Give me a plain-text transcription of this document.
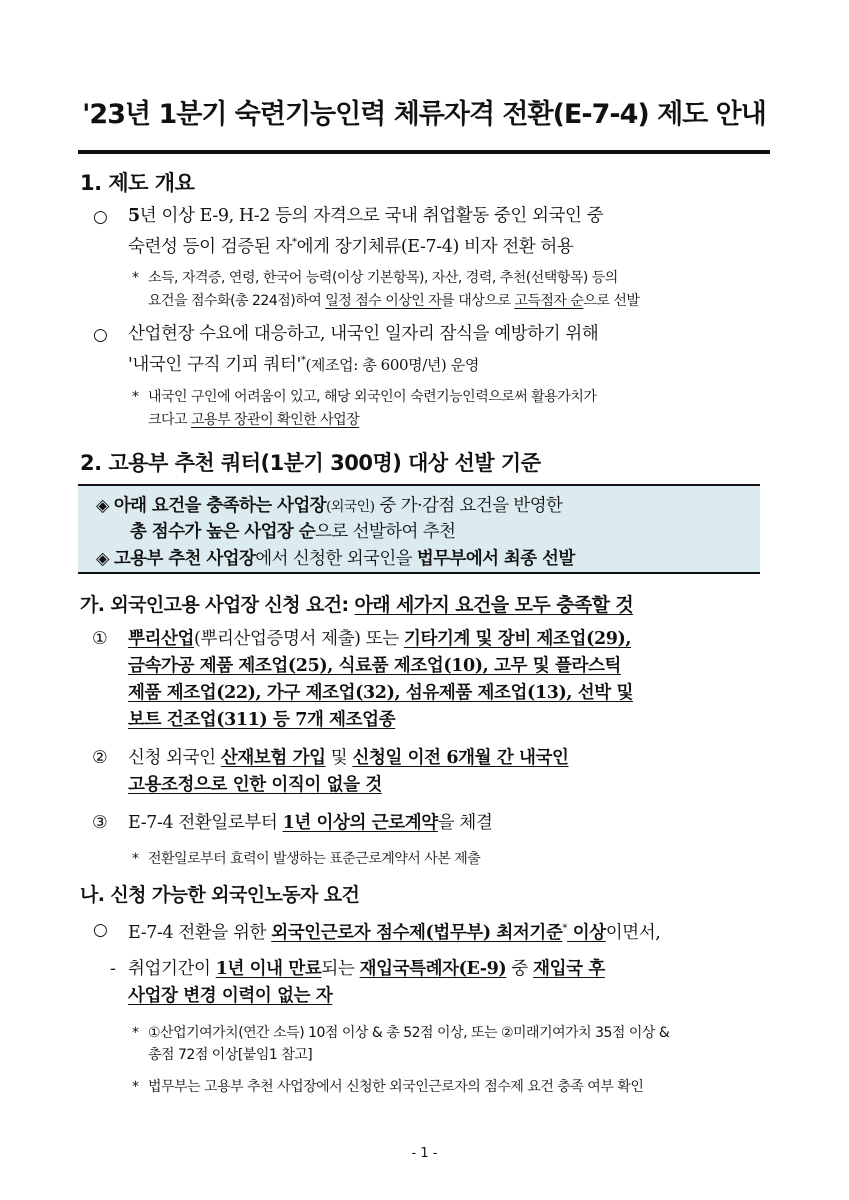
'23년 1분기 숙련기능인력 체류자격 전환(E-7-4) 제도 안내
1. 제도 개요
○ 5년 이상 E-9, H-2 등의 자격으로 국내 취업활동 중인 외국인 중
숙련성 등이 검증된 자*에게 장기체류(E-7-4) 비자 전환 허용
* 소득, 자격증, 연령, 한국어 능력(이상 기본항목), 자산, 경력, 추천(선택항목) 등의
요건을 점수화(총 224점)하여 일정 점수 이상인 자를 대상으로 고득점자 순으로 선발
○ 산업현장 수요에 대응하고, 내국인 일자리 잠식을 예방하기 위해
'내국인 구직 기피 쿼터'*(제조업: 총 600명/년) 운영
* 내국인 구인에 어려움이 있고, 해당 외국인이 숙련기능인력으로써 활용가치가
크다고 고용부 장관이 확인한 사업장
2. 고용부 추천 쿼터(1분기 300명) 대상 선발 기준
◈ 아래 요건을 충족하는 사업장(외국인) 중 가·감점 요건을 반영한
총 점수가 높은 사업장 순으로 선발하여 추천
◈ 고용부 추천 사업장에서 신청한 외국인을 법무부에서 최종 선발
가. 외국인고용 사업장 신청 요건: 아래 세가지 요건을 모두 충족할 것
① 뿌리산업(뿌리산업증명서 제출) 또는 기타기계 및 장비 제조업(29),
금속가공 제품 제조업(25), 식료품 제조업(10), 고무 및 플라스틱
제품 제조업(22), 가구 제조업(32), 섬유제품 제조업(13), 선박 및
보트 건조업(311) 등 7개 제조업종
② 신청 외국인 산재보험 가입 및 신청일 이전 6개월 간 내국인
고용조정으로 인한 이직이 없을 것
③ E-7-4 전환일로부터 1년 이상의 근로계약을 체결
* 전환일로부터 효력이 발생하는 표준근로계약서 사본 제출
나. 신청 가능한 외국인노동자 요건
○ E-7-4 전환을 위한 외국인근로자 점수제(법무부) 최저기준* 이상이면서,
- 취업기간이 1년 이내 만료되는 재입국특례자(E-9) 중 재입국 후
사업장 변경 이력이 없는 자
* ①산업기여가치(연간 소득) 10점 이상 & 총 52점 이상, 또는 ②미래기여가치 35점 이상 &
총점 72점 이상[붙임1 참고]
* 법무부는 고용부 추천 사업장에서 신청한 외국인근로자의 점수제 요건 충족 여부 확인
- 1 -
